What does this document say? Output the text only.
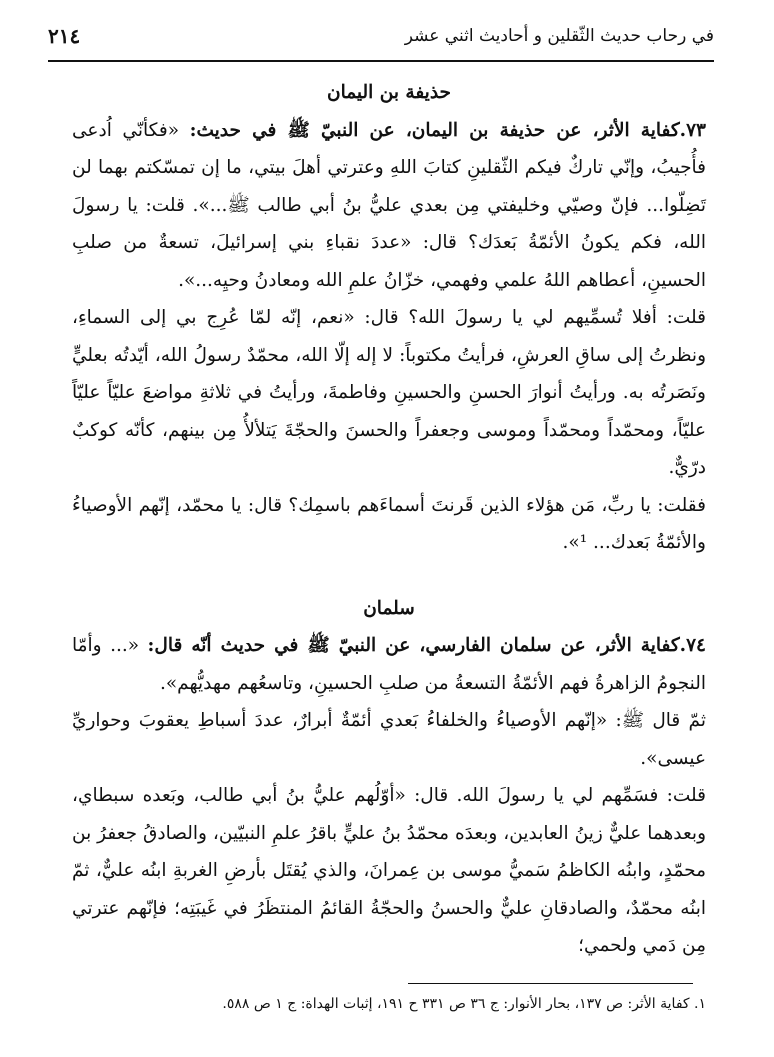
في رحاب حديث الثّقلين و أحاديث اثني عشر
٢١٤
حذيفة بن اليمان

٧٣.كفاية الأثر، عن حذيفة بن اليمان، عن النبيّ ﷺ في حديث: «فكأنّي اُدعى فأُجيبُ، وإنّي تاركٌ فيكم الثّقلينِ كتابَ اللهِ وعترتي أهلَ بيتي، ما إن تمسّكتم بهما لن تَضِلّوا... فإنّ وصيّي وخليفتي مِن بعدي عليُّ بنُ أبي طالب ﷺ...». قلت: يا رسولَ الله، فكم يكونُ الأئمّةُ بَعدَك؟ قال: «عددَ نقباءِ بني إسرائيلَ، تسعةٌ من صلبِ الحسينِ، أعطاهم اللهُ علمي وفهمي، خزّانُ علمِ الله ومعادنُ وحيِه...».

قلت: أفلا تُسمِّيهم لي يا رسولَ الله؟ قال: «نعم، إنّه لمّا عُرِج بي إلى السماءِ، ونظرتُ إلى ساقِ العرشِ، فرأيتُ مكتوباً: لا إله إلّا الله، محمّدٌ رسولُ الله، أيّدتُه بعليٍّ ونَصَرتُه به. ورأيتُ أنوارَ الحسنِ والحسينِ وفاطمةَ، ورأيتُ في ثلاثةِ مواضعَ عليّاً عليّاً عليّاً، ومحمّداً ومحمّداً وموسى وجعفراً والحسنَ والحجّةَ يَتلألأُ مِن بينهم، كأنّه كوكبٌ درّيٌّ.

فقلت: يا ربِّ، مَن هؤلاء الذين قَرنتَ أسماءَهم باسمِك؟ قال: يا محمّد، إنّهم الأوصياءُ والأئمّةُ بَعدك... ¹».

سلمان

٧٤.كفاية الأثر، عن سلمان الفارسي، عن النبيّ ﷺ في حديث أنّه قال: «... وأمّا النجومُ الزاهرةُ فهم الأئمّةُ التسعةُ من صلبِ الحسينِ، وتاسعُهم مهديُّهم».

ثمّ قال ﷺ: «إنّهم الأوصياءُ والخلفاءُ بَعدي أئمّةٌ أبرارٌ، عددَ أسباطِ يعقوبَ وحواريِّ عيسى».

قلت: فسَمِّهم لي يا رسولَ الله. قال: «أوّلُهم عليُّ بنُ أبي طالب، وبَعده سبطاي، وبعدهما عليٌّ زينُ العابدين، وبعدَه محمّدُ بنُ عليٍّ باقرُ علمِ النبيّين، والصادقُ جعفرُ بن محمّدٍ، وابنُه الكاظمُ سَميُّ موسى بن عِمرانَ، والذي يُقتَل بأرضِ الغربةِ ابنُه عليٌّ، ثمّ ابنُه محمّدٌ، والصادقانِ عليٌّ والحسنُ والحجّةُ القائمُ المنتظَرُ في غَيبَتِه؛ فإنّهم عترتي مِن دَمي ولحمي؛

١. كفاية الأثر: ص ١٣٧، بحار الأنوار: ج ٣٦ ص ٣٣١ ح ١٩١، إثبات الهداة: ج ١ ص ٥٨٨.
